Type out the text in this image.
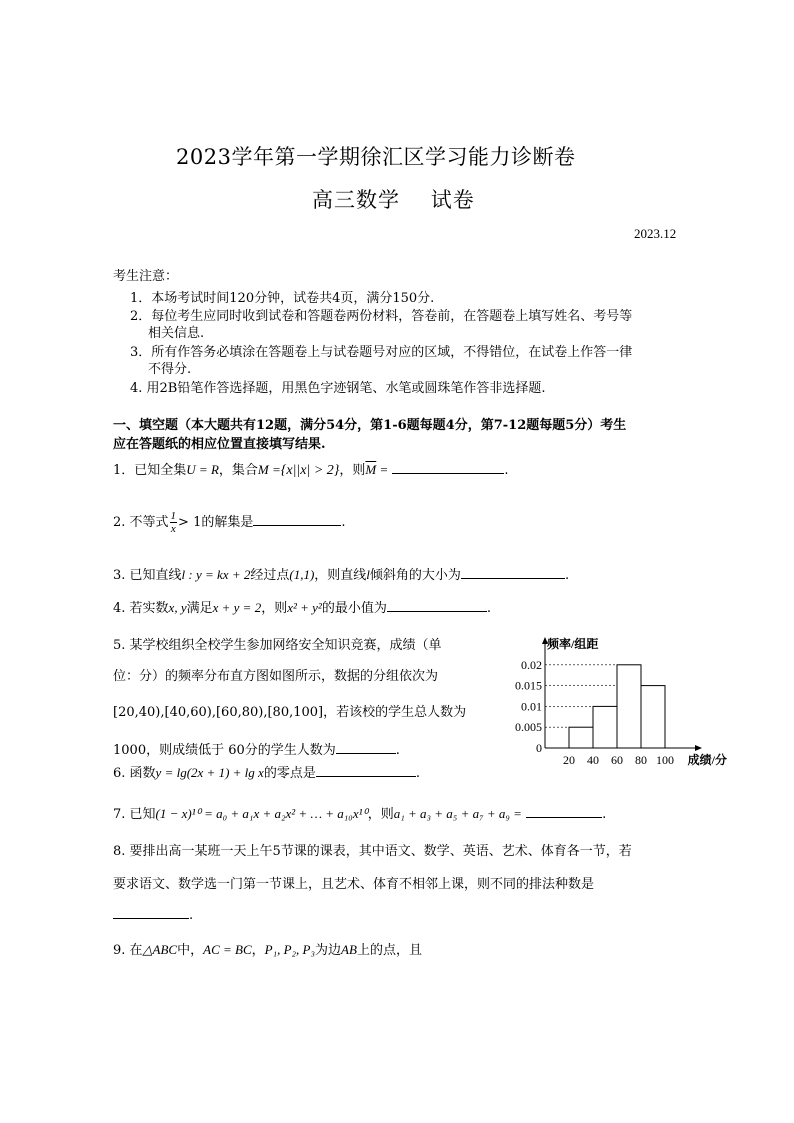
2023学年第一学期徐汇区学习能力诊断卷
高三数学    试卷
2023.12
考生注意：
1．本场考试时间120分钟，试卷共4页，满分150分.
2．每位考生应同时收到试卷和答题卷两份材料，答卷前，在答题卷上填写姓名、考号等
相关信息.
3．所有作答务必填涂在答题卷上与试卷题号对应的区域，不得错位，在试卷上作答一律
不得分.
4. 用2B铅笔作答选择题，用黑色字迹钢笔、水笔或圆珠笔作答非选择题.
一、填空题（本大题共有12题，满分54分，第1-6题每题4分，第7-12题每题5分）考生
应在答题纸的相应位置直接填写结果.
1．已知全集U = R，集合M ={x||x| > 2}，则$\overline{M}$ =	.
2. 不等式 $\frac{1}{x} > 1$的解集是	.
3. 已知直线l : y = kx + 2经过点(1,1)，则直线l倾斜角的大小为	.
4. 若实数x, y满足x + y = 2，则x² + y²的最小值为	.
5. 某学校组织全校学生参加网络安全知识竞赛，成绩（单
位：分）的频率分布直方图如图所示，数据的分组依次为
[20,40),[40,60),[60,80),[80,100]，若该校的学生总人数为
1000，则成绩低于 60分的学生人数为	.	0
0.005
0.01
0.015
0.02
20 40 60 80 100
频率/组距
成绩/分
6. 函数y = lg(2x + 1) + lg x的零点是	.
7. 已知(1 − x)¹⁰ = a₀ + a₁x + a₂x² + … + a₁₀x¹⁰，则a₁ + a₃ + a₅ + a₇ + a₉ =	.
8. 要排出高一某班一天上午5节课的课表，其中语文、数学、英语、艺术、体育各一节，若
要求语文、数学选一门第一节课上，且艺术、体育不相邻上课，则不同的排法种数是
.
9. 在△ABC中，AC = BC，P₁, P₂, P₃为边AB上的点，且
